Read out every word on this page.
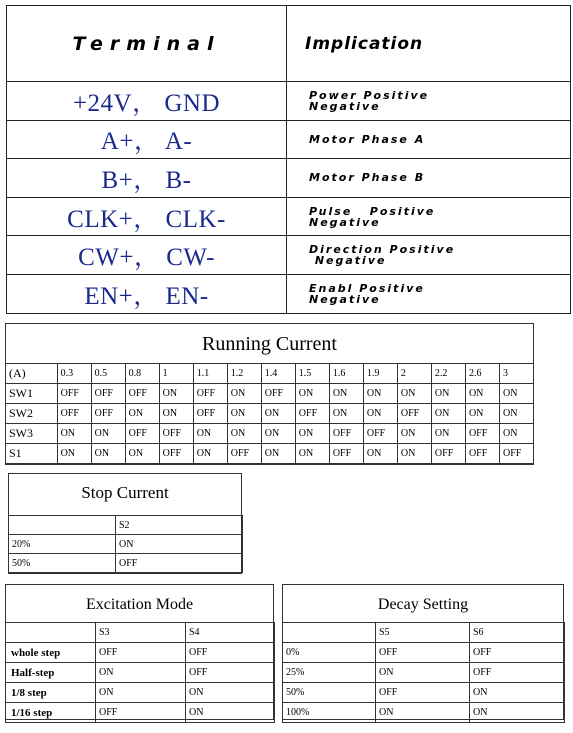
Terminal	Implication
+24V， GND	Power Positive
Negative

A+， A-	Motor Phase A

B+， B-	Motor Phase B

CLK+， CLK-	Pulse   Positive
Negative

CW+， CW-	Direction Positive
Negative

EN+， EN-	Enabl Positive
Negative
Running Current
(A)	0.3	0.5	0.8	1	1.1	1.2	1.4	1.5	1.6	1.9	2	2.2	2.6	3
SW1	OFF	OFF	OFF	ON	OFF	ON	OFF	ON	ON	ON	ON	ON	ON	ON
SW2	OFF	OFF	ON	ON	OFF	ON	ON	OFF	ON	ON	OFF	ON	ON	ON
SW3	ON	ON	OFF	OFF	ON	ON	ON	ON	OFF	OFF	ON	ON	OFF	ON
S1	ON	ON	ON	OFF	ON	OFF	ON	ON	OFF	ON	ON	OFF	OFF	OFF
Stop Current
	S2
20%	ON
50%	OFF
Excitation Mode
	S3	S4
whole step	OFF	OFF
Half-step	ON	OFF
1/8 step	ON	ON
1/16 step	OFF	ON
Decay Setting
	S5	S6
0%	OFF	OFF
25%	ON	OFF
50%	OFF	ON
100%	ON	ON
